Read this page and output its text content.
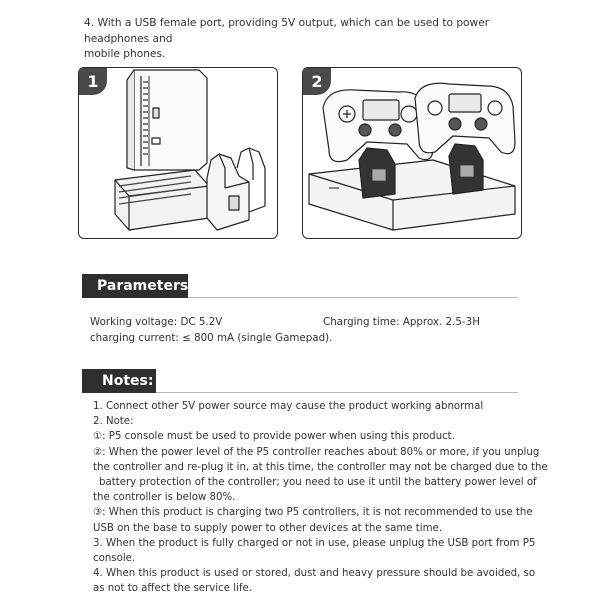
4. With a USB female port, providing 5V output, which can be used to power headphones and
mobile phones.
1	2
Parameters:
Working voltage: DC 5.2V
charging current: ≤ 800 mA (single Gamepad).
Charging time: Approx. 2.5-3H
Notes:
1. Connect other 5V power source may cause the product working abnormal
2. Note:
①: P5 console must be used to provide power when using this product.
②: When the power level of the P5 controller reaches about 80% or more, if you unplug
the controller and re-plug it in, at this time, the controller may not be charged due to the
battery protection of the controller; you need to use it until the battery power level of
the controller is below 80%.
③: When this product is charging two P5 controllers, it is not recommended to use the
USB on the base to supply power to other devices at the same time.
3. When the product is fully charged or not in use, please unplug the USB port from P5
console.
4. When this product is used or stored, dust and heavy pressure should be avoided, so
as not to affect the service life.
